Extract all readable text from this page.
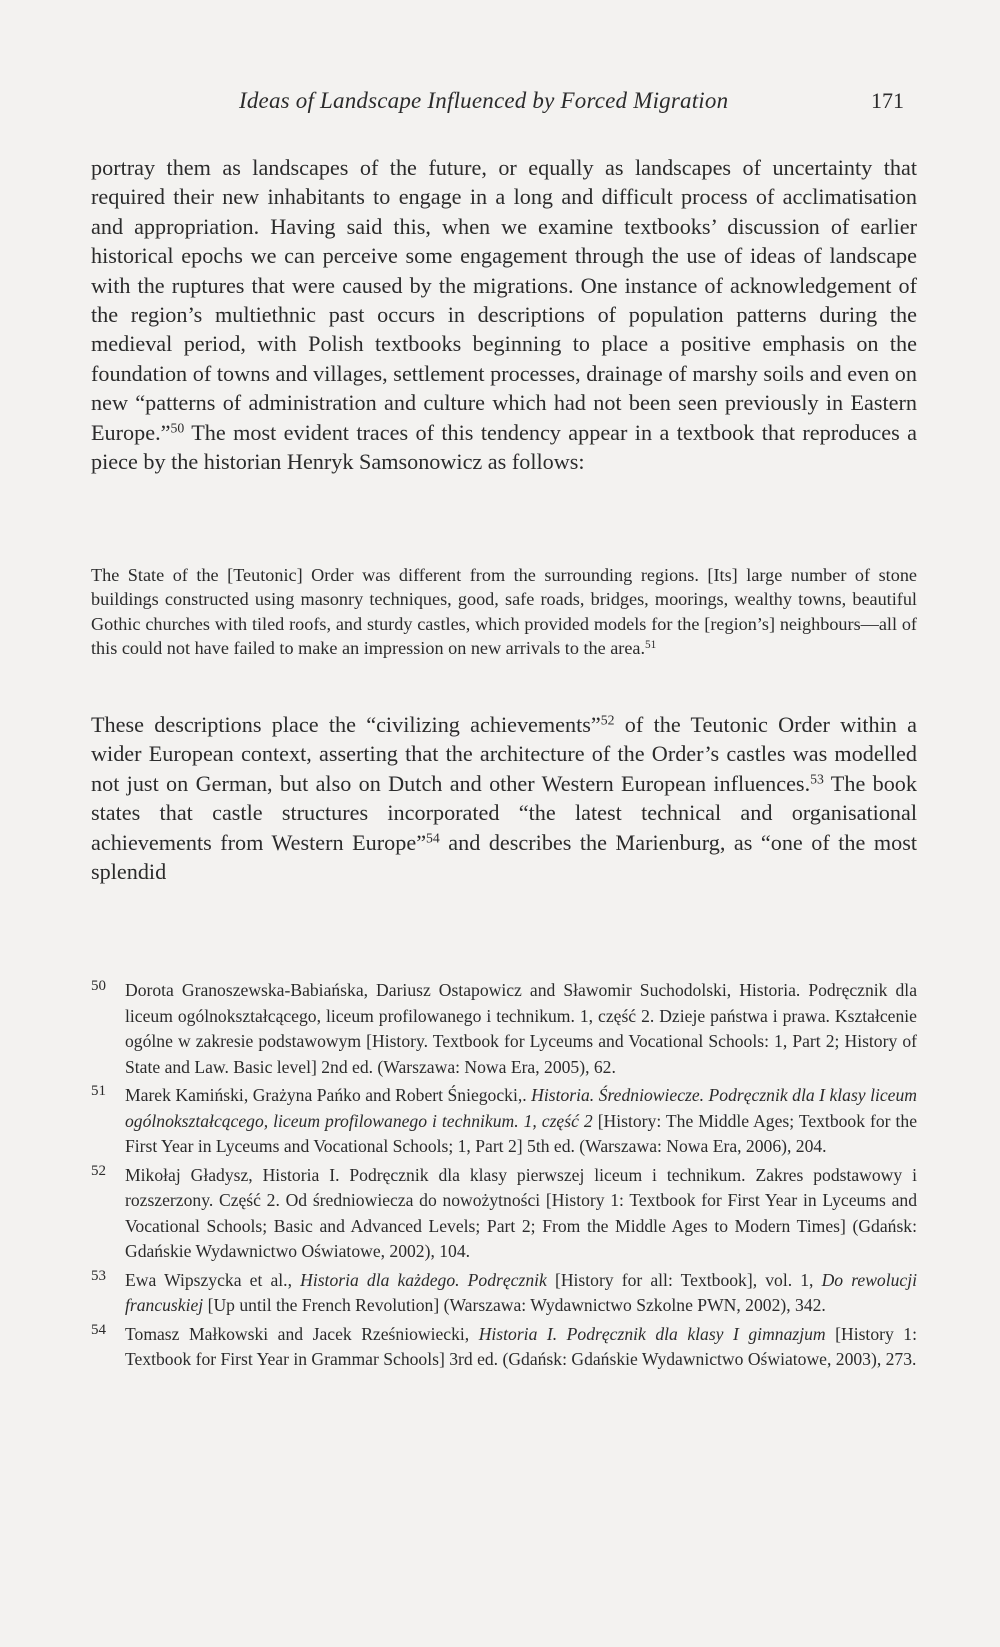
Ideas of Landscape Influenced by Forced Migration	171

portray them as landscapes of the future, or equally as landscapes of uncertainty that required their new inhabitants to engage in a long and difficult process of acclimatisation and appropriation. Having said this, when we examine textbooks’ discussion of earlier historical epochs we can perceive some engagement through the use of ideas of landscape with the ruptures that were caused by the migrations. One instance of acknowledgement of the region’s multiethnic past occurs in descriptions of population patterns during the medieval period, with Polish textbooks beginning to place a positive emphasis on the foundation of towns and villages, settlement processes, drainage of marshy soils and even on new “patterns of administration and culture which had not been seen previously in Eastern Europe.”$^{50}$ The most evident traces of this tendency appear in a textbook that reproduces a piece by the historian Henryk Samsonowicz as follows:

The State of the [Teutonic] Order was different from the surrounding regions. [Its] large number of stone buildings constructed using masonry techniques, good, safe roads, bridges, moorings, wealthy towns, beautiful Gothic churches with tiled roofs, and sturdy castles, which provided models for the [region’s] neighbours—all of this could not have failed to make an impression on new arrivals to the area.$^{51}$

These descriptions place the “civilizing achievements”$^{52}$ of the Teutonic Order within a wider European context, asserting that the architecture of the Order’s castles was modelled not just on German, but also on Dutch and other Western European influences.$^{53}$ The book states that castle structures incorporated “the latest technical and organisational achievements from Western Europe”$^{54}$ and describes the Marienburg, as “one of the most splendid

50 Dorota Granoszewska-Babiańska, Dariusz Ostapowicz and Sławomir Suchodolski, Historia. Podręcznik dla liceum ogólnokształcącego, liceum profilowanego i technikum. 1, część 2. Dzieje państwa i prawa. Kształcenie ogólne w zakresie podstawowym [History. Textbook for Lyceums and Vocational Schools: 1, Part 2; History of State and Law. Basic level] 2nd ed. (Warszawa: Nowa Era, 2005), 62.
51 Marek Kamiński, Grażyna Pańko and Robert Śniegocki,. Historia. Średniowiecze. Podręcznik dla I klasy liceum ogólnokształcącego, liceum profilowanego i technikum. 1, część 2 [History: The Middle Ages; Textbook for the First Year in Lyceums and Vocational Schools; 1, Part 2] 5th ed. (Warszawa: Nowa Era, 2006), 204.
52 Mikołaj Gładysz, Historia I. Podręcznik dla klasy pierwszej liceum i technikum. Zakres podstawowy i rozszerzony. Część 2. Od średniowiecza do nowożytności [History 1: Textbook for First Year in Lyceums and Vocational Schools; Basic and Advanced Levels; Part 2; From the Middle Ages to Modern Times] (Gdańsk: Gdańskie Wydawnictwo Oświatowe, 2002), 104.
53 Ewa Wipszycka et al., Historia dla każdego. Podręcznik [History for all: Textbook], vol. 1, Do rewolucji francuskiej [Up until the French Revolution] (Warszawa: Wydawnictwo Szkolne PWN, 2002), 342.
54 Tomasz Małkowski and Jacek Rześniowiecki, Historia I. Podręcznik dla klasy I gimnazjum [History 1: Textbook for First Year in Grammar Schools] 3rd ed. (Gdańsk: Gdańskie Wydawnictwo Oświatowe, 2003), 273.
